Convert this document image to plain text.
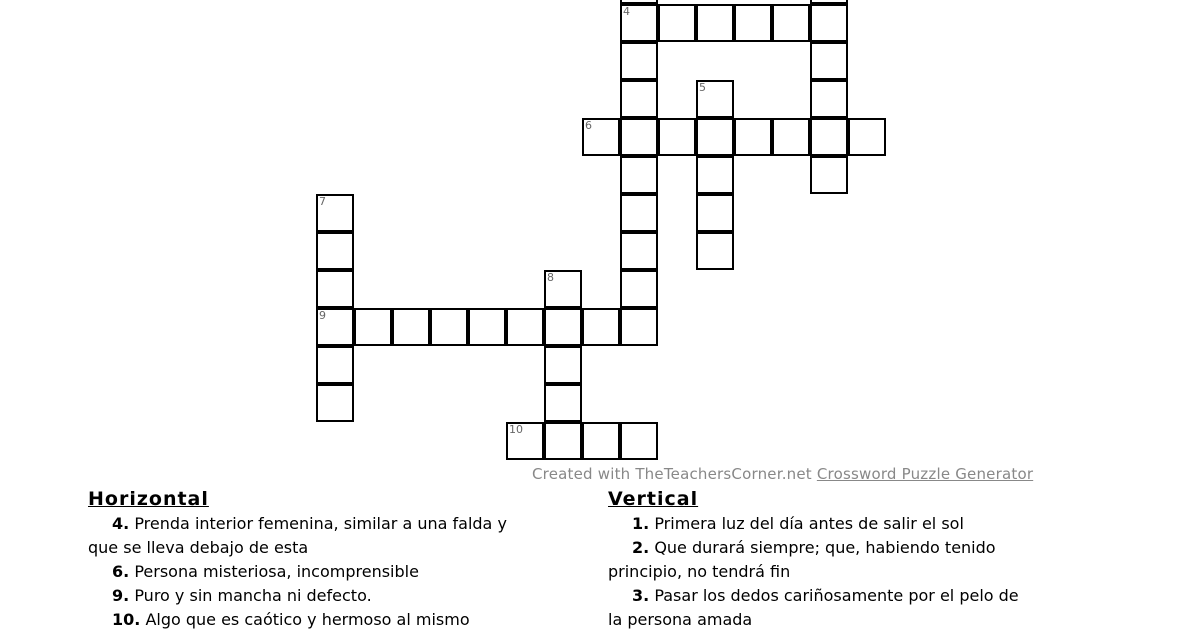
4
6
9
10
5
7
8
Created with TheTeachersCorner.net Crossword Puzzle Generator
Horizontal
4. Prenda interior femenina, similar a una falda y
que se lleva debajo de esta
6. Persona misteriosa, incomprensible
9. Puro y sin mancha ni defecto.
10. Algo que es caótico y hermoso al mismo
Vertical
1. Primera luz del día antes de salir el sol
2. Que durará siempre; que, habiendo tenido
principio, no tendrá fin
3. Pasar los dedos cariñosamente por el pelo de
la persona amada
